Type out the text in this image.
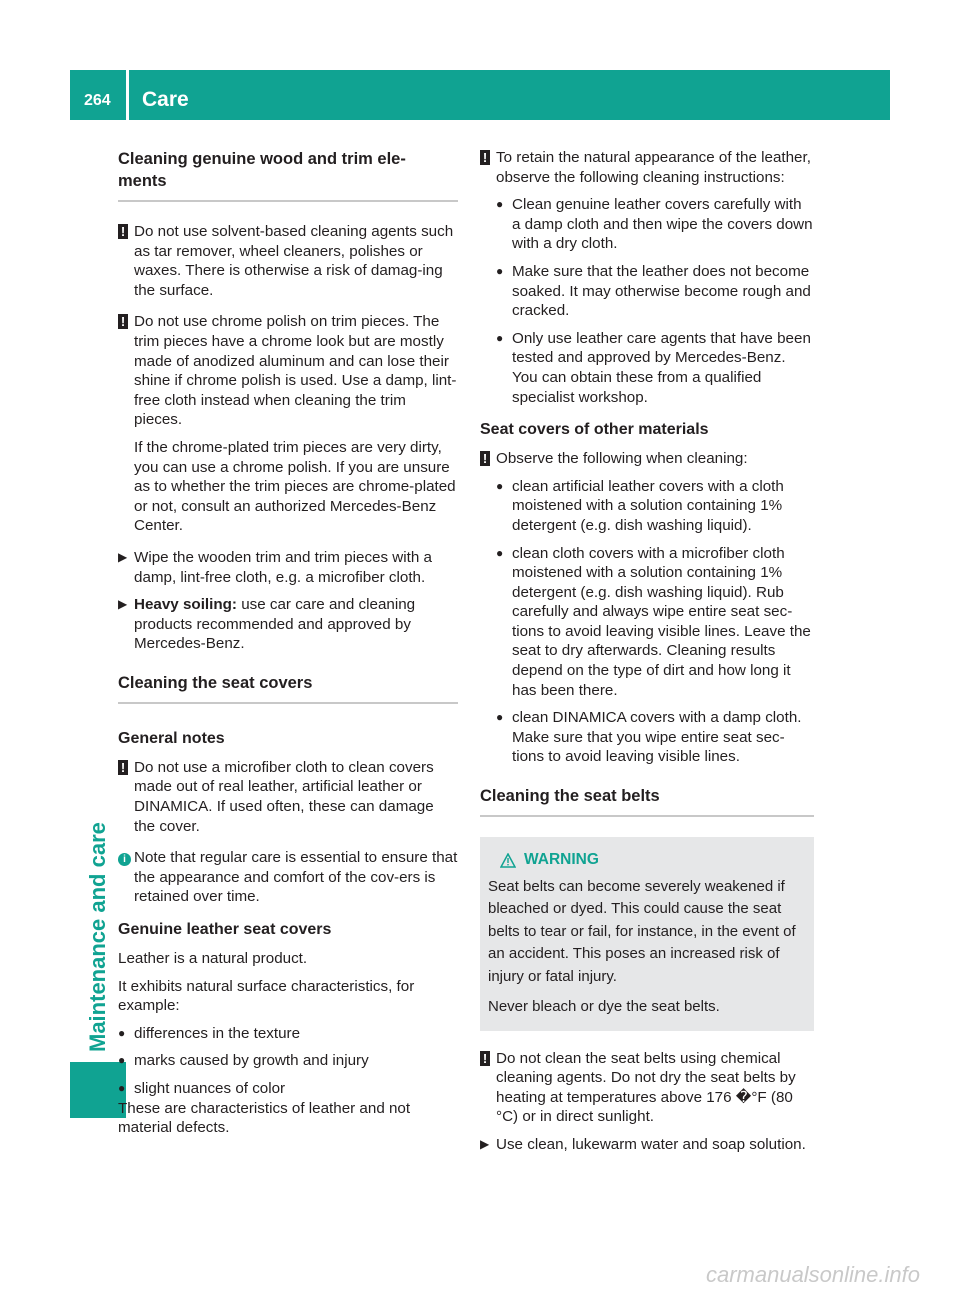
264 Care
Maintenance and care
Cleaning genuine wood and trim ele-
ments
! Do not use solvent-based cleaning agents such as tar remover, wheel cleaners, polishes or waxes. There is otherwise a risk of damag-ing the surface.

! Do not use chrome polish on trim pieces. The trim pieces have a chrome look but are mostly made of anodized aluminum and can lose their shine if chrome polish is used. Use a damp, lint-free cloth instead when cleaning the trim pieces.

If the chrome-plated trim pieces are very dirty, you can use a chrome polish. If you are unsure as to whether the trim pieces are chrome-plated or not, consult an authorized Mercedes-Benz Center.

▶ Wipe the wooden trim and trim pieces with a damp, lint-free cloth, e.g. a microfiber cloth.

▶ Heavy soiling: use car care and cleaning products recommended and approved by Mercedes-Benz.

Cleaning the seat covers
General notes
! Do not use a microfiber cloth to clean covers made out of real leather, artificial leather or DINAMICA. If used often, these can damage the cover.

i Note that regular care is essential to ensure that the appearance and comfort of the cov-ers is retained over time.

Genuine leather seat covers

Leather is a natural product.

It exhibits natural surface characteristics, for example:

● differences in the texture

● marks caused by growth and injury

● slight nuances of color

These are characteristics of leather and not material defects.

! To retain the natural appearance of the leather, observe the following cleaning instructions:

● Clean genuine leather covers carefully with a damp cloth and then wipe the covers down with a dry cloth.

● Make sure that the leather does not become soaked. It may otherwise become rough and cracked.

● Only use leather care agents that have been tested and approved by Mercedes-Benz. You can obtain these from a qualified specialist workshop.

Seat covers of other materials
! Observe the following when cleaning:

● clean artificial leather covers with a cloth moistened with a solution containing 1% detergent (e.g. dish washing liquid).

● clean cloth covers with a microfiber cloth moistened with a solution containing 1% detergent (e.g. dish washing liquid). Rub carefully and always wipe entire seat sec-tions to avoid leaving visible lines. Leave the seat to dry afterwards. Cleaning results depend on the type of dirt and how long it has been there.

● clean DINAMICA covers with a damp cloth. Make sure that you wipe entire seat sec-tions to avoid leaving visible lines.

Cleaning the seat belts
WARNING

Seat belts can become severely weakened if bleached or dyed. This could cause the seat belts to tear or fail, for instance, in the event of an accident. This poses an increased risk of injury or fatal injury.

Never bleach or dye the seat belts.

! Do not clean the seat belts using chemical cleaning agents. Do not dry the seat belts by heating at temperatures above 176 �°F (80 °C) or in direct sunlight.

▶ Use clean, lukewarm water and soap solution.

carmanualsonline.info
